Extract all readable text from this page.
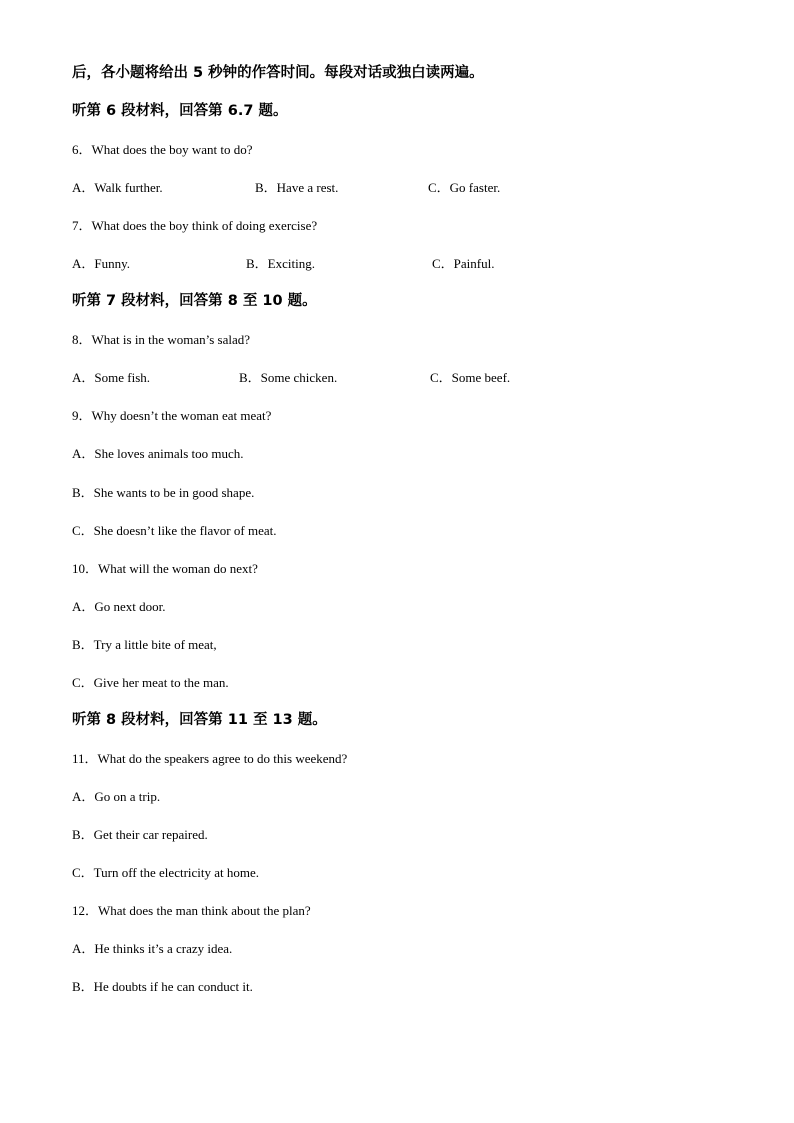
后，各小题将给出 5 秒钟的作答时间。每段对话或独白读两遍。
听第 6 段材料，回答第 6.7 题。
6．What does the boy want to do?
A．Walk further.	B．Have a rest.	C．Go faster.
7．What does the boy think of doing exercise?
A．Funny.	B．Exciting.	C．Painful.
听第 7 段材料，回答第 8 至 10 题。
8．What is in the woman’s salad?
A．Some fish.	B．Some chicken.	C．Some beef.
9．Why doesn’t the woman eat meat?
A．She loves animals too much.
B．She wants to be in good shape.
C．She doesn’t like the flavor of meat.
10．What will the woman do next?
A．Go next door.
B．Try a little bite of meat,
C．Give her meat to the man.
听第 8 段材料，回答第 11 至 13 题。
11．What do the speakers agree to do this weekend?
A．Go on a trip.
B．Get their car repaired.
C．Turn off the electricity at home.
12．What does the man think about the plan?
A．He thinks it’s a crazy idea.
B．He doubts if he can conduct it.
